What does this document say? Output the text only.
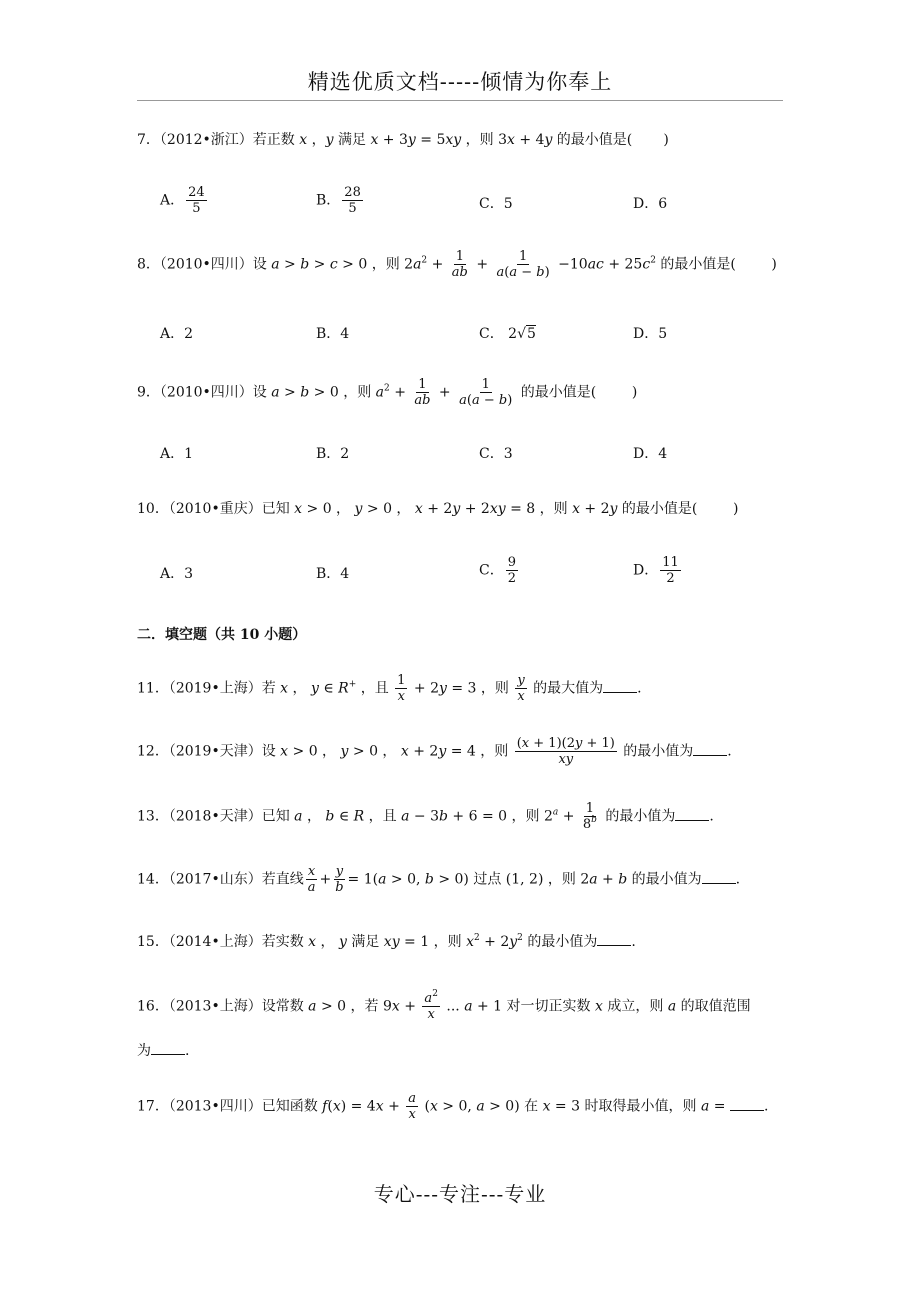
精选优质文档-----倾情为你奉上
7．（2012•浙江）若正数 x ，y 满足 x + 3y = 5xy ，则 3x + 4y 的最小值是(       )
A． $\frac{24}{5}$	B． $\frac{28}{5}$	C．5	D．6
8．（2010•四川）设 a > b > c > 0 ，则 $2a^2 + \frac{1}{ab} + \frac{1}{a(a - b)} -10ac + 25c^2$ 的最小值是(        )
A．2	B．4	C． 2√5	D．5
9．（2010•四川）设 a > b > 0 ，则 $a^2 + \frac{1}{ab} + \frac{1}{a(a - b)}$ 的最小值是(        )
A．1	B．2	C．3	D．4
10．（2010•重庆）已知 x > 0 ， y > 0 ， x + 2y + 2xy = 8 ，则 x + 2y 的最小值是(        )
A．3	B．4	C． $\frac{9}{2}$	D． $\frac{11}{2}$
二．填空题（共 10 小题）
11．（2019•上海）若 x ， y ∈ R+ ，且 $\frac{1}{x} + 2y = 3$ ，则 $\frac{y}{x}$ 的最大值为 .
12．（2019•天津）设 x > 0 ， y > 0 ， x + 2y = 4 ，则 $\frac{(x + 1)(2y + 1)}{xy}$ 的最小值为 .
13．（2018•天津）已知 a ， b ∈ R ，且 a − 3b + 6 = 0 ，则 $2^a + \frac{1}{8^b}$ 的最小值为 .
14．（2017•山东）若直线 $\frac{x}{a} + \frac{y}{b} = 1(a > 0$, b > 0) 过点 (1, 2) ，则 2a + b 的最小值为 .
15．（2014•上海）若实数 x ， y 满足 xy = 1 ，则 $x^2 + 2y^2$ 的最小值为 .
16．（2013•上海）设常数 a > 0 ，若 $9x + \frac{a^2}{x}$ ... a + 1 对一切正实数 x 成立，则 a 的取值范围
为 .
17．（2013•四川）已知函数 $f(x) = 4x + \frac{a}{x} (x > 0$, a > 0) 在 x = 3 时取得最小值，则 a = .
专心---专注---专业
